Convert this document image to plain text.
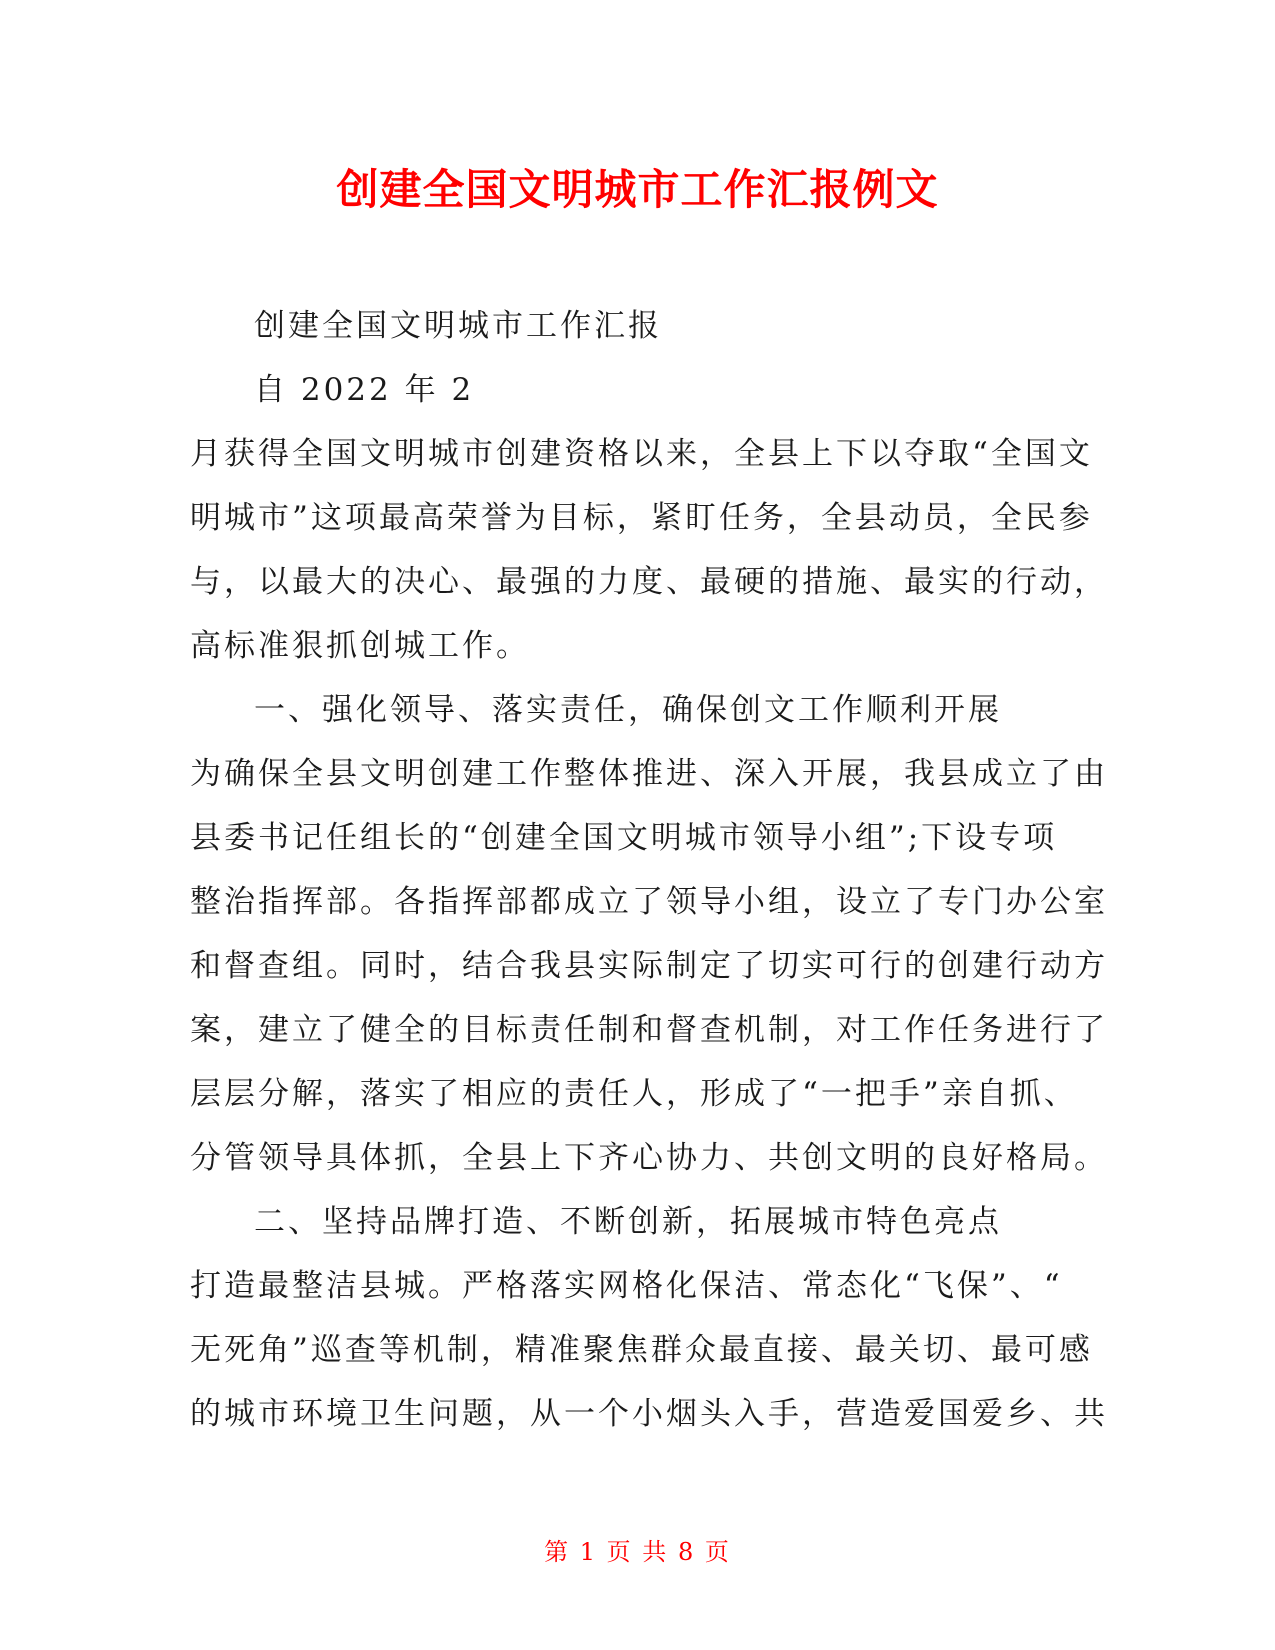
创建全国文明城市工作汇报例文
创建全国文明城市工作汇报
自 2022 年 2
月获得全国文明城市创建资格以来，全县上下以夺取“全国文
明城市”这项最高荣誉为目标，紧盯任务，全县动员，全民参
与，以最大的决心、最强的力度、最硬的措施、最实的行动，
高标准狠抓创城工作。
一、强化领导、落实责任，确保创文工作顺利开展
为确保全县文明创建工作整体推进、深入开展，我县成立了由
县委书记任组长的“创建全国文明城市领导小组”;下设专项
整治指挥部。各指挥部都成立了领导小组，设立了专门办公室
和督查组。同时，结合我县实际制定了切实可行的创建行动方
案，建立了健全的目标责任制和督查机制，对工作任务进行了
层层分解，落实了相应的责任人，形成了“一把手”亲自抓、
分管领导具体抓，全县上下齐心协力、共创文明的良好格局。
二、坚持品牌打造、不断创新，拓展城市特色亮点
打造最整洁县城。严格落实网格化保洁、常态化“飞保”、“
无死角”巡查等机制，精准聚焦群众最直接、最关切、最可感
的城市环境卫生问题，从一个小烟头入手，营造爱国爱乡、共
第 1 页 共 8 页
